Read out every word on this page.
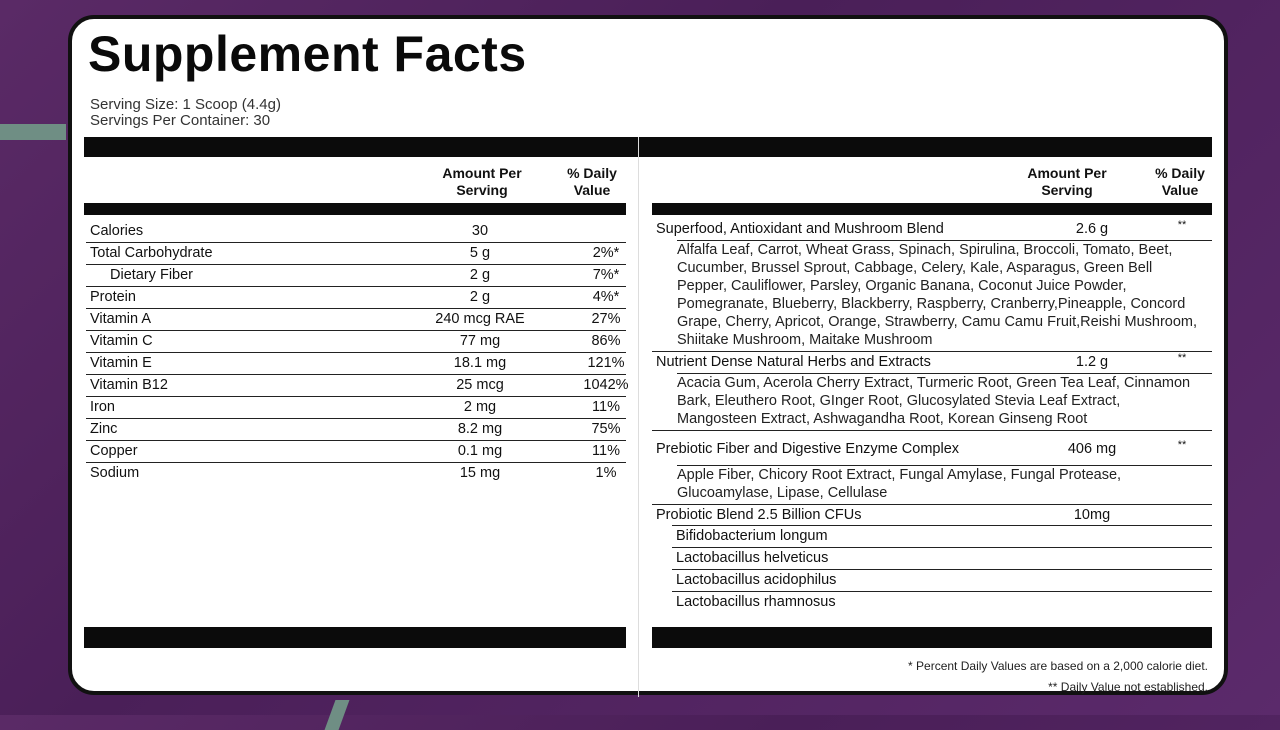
Supplement Facts
Serving Size: 1 Scoop (4.4g)
Servings Per Container: 30
Amount Per
Serving
% Daily
Value
Amount Per
Serving
% Daily
Value
Calories	30
Total Carbohydrate	5 g	2%*
Dietary Fiber	2 g	7%*
Protein	2 g	4%*
Vitamin A	240 mcg RAE	27%
Vitamin C	77 mg	86%
Vitamin E	18.1 mg	121%
Vitamin B12	25 mcg	1042%
Iron	2 mg	11%
Zinc	8.2 mg	75%
Copper	0.1 mg	11%
Sodium	15 mg	1%
Superfood, Antioxidant and Mushroom Blend	2.6 g	**
Alfalfa Leaf, Carrot, Wheat Grass, Spinach, Spirulina, Broccoli, Tomato, Beet, Cucumber, Brussel Sprout, Cabbage, Celery, Kale, Asparagus, Green Bell Pepper, Cauliflower, Parsley, Organic Banana, Coconut Juice Powder, Pomegranate, Blueberry, Blackberry, Raspberry, Cranberry,Pineapple, Concord Grape, Cherry, Apricot, Orange, Strawberry, Camu Camu Fruit,Reishi Mushroom, Shiitake Mushroom, Maitake Mushroom
Nutrient Dense Natural Herbs and Extracts	1.2 g	**
Acacia Gum, Acerola Cherry Extract, Turmeric Root, Green Tea Leaf, Cinnamon Bark, Eleuthero Root, GInger Root, Glucosylated Stevia Leaf Extract, Mangosteen Extract, Ashwagandha Root, Korean Ginseng Root
Prebiotic Fiber and Digestive Enzyme Complex	406 mg	**
Apple Fiber, Chicory Root Extract, Fungal Amylase, Fungal Protease, Glucoamylase, Lipase, Cellulase
Probiotic Blend 2.5 Billion CFUs	10mg
Bifidobacterium longum
Lactobacillus helveticus
Lactobacillus acidophilus
Lactobacillus rhamnosus
* Percent Daily Values are based on a 2,000 calorie diet.
** Daily Value not established.
